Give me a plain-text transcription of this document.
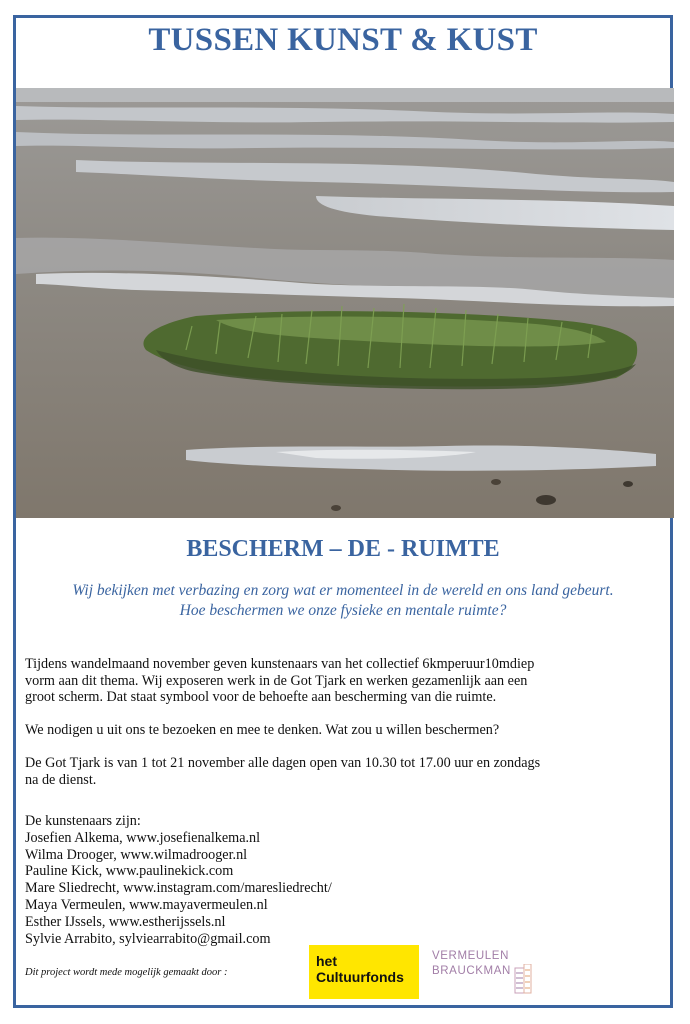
TUSSEN KUNST & KUST
BESCHERM – DE - RUIMTE
Wij bekijken met verbazing en zorg wat er momenteel in de wereld en ons land gebeurt.
Hoe beschermen we onze fysieke en mentale ruimte?

Tijdens wandelmaand november geven kunstenaars van het collectief 6kmperuur10mdiep
vorm aan dit thema. Wij exposeren werk in de Got Tjark en werken gezamenlijk aan een
groot scherm. Dat staat symbool voor de behoefte aan bescherming van die ruimte.

We nodigen u uit ons te bezoeken en mee te denken. Wat zou u willen beschermen?

De Got Tjark is van 1 tot 21 november alle dagen open van 10.30 tot 17.00 uur en zondags
na de dienst.

De kunstenaars zijn:
Josefien Alkema, www.josefienalkema.nl
Wilma Drooger, www.wilmadrooger.nl
Pauline Kick, www.paulinekick.com
Mare Sliedrecht, www.instagram.com/maresliedrecht/
Maya Vermeulen, www.mayavermeulen.nl
Esther IJssels, www.estherijssels.nl
Sylvie Arrabito, sylviearrabito@gmail.com
Dit project wordt mede mogelijk gemaakt door :
het
Cultuurfonds
VERMEULEN
BRAUCKMAN
